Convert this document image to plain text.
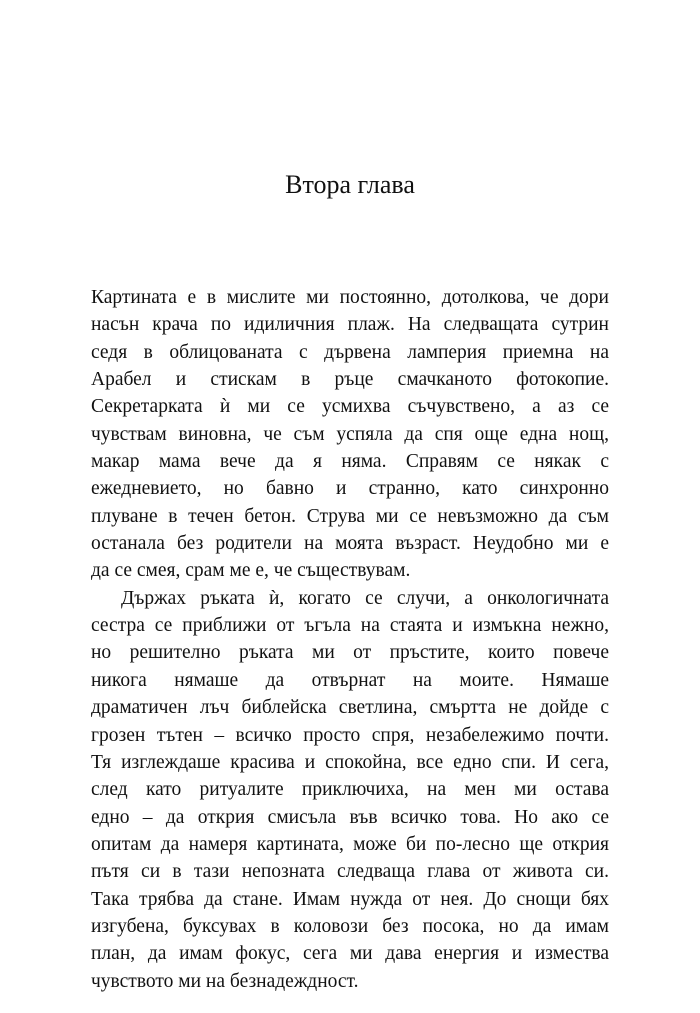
Втора глава
Картината е в мислите ми постоянно, дотолкова, че дори
насън крача по идиличния плаж. На следващата сутрин
седя в облицованата с дървена ламперия приемна на
Арабел и стискам в ръце смачканото фотокопие.
Секретарката ѝ ми се усмихва съчувствено, а аз се
чувствам виновна, че съм успяла да спя още една нощ,
макар мама вече да я няма. Справям се някак с
ежедневието, но бавно и странно, като синхронно
плуване в течен бетон. Струва ми се невъзможно да съм
останала без родители на моята възраст. Неудобно ми е
да се смея, срам ме е, че съществувам.
Държах ръката ѝ, когато се случи, а онкологичната
сестра се приближи от ъгъла на стаята и измъкна нежно,
но решително ръката ми от пръстите, които повече
никога нямаше да отвърнат на моите. Нямаше
драматичен лъч библейска светлина, смъртта не дойде с
грозен тътен – всичко просто спря, незабележимо почти.
Тя изглеждаше красива и спокойна, все едно спи. И сега,
след като ритуалите приключиха, на мен ми остава
едно – да открия смисъла във всичко това. Но ако се
опитам да намеря картината, може би по-лесно ще открия
пътя си в тази непозната следваща глава от живота си.
Така трябва да стане. Имам нужда от нея. До снощи бях
изгубена, буксувах в коловози без посока, но да имам
план, да имам фокус, сега ми дава енергия и измества
чувството ми на безнадеждност.
